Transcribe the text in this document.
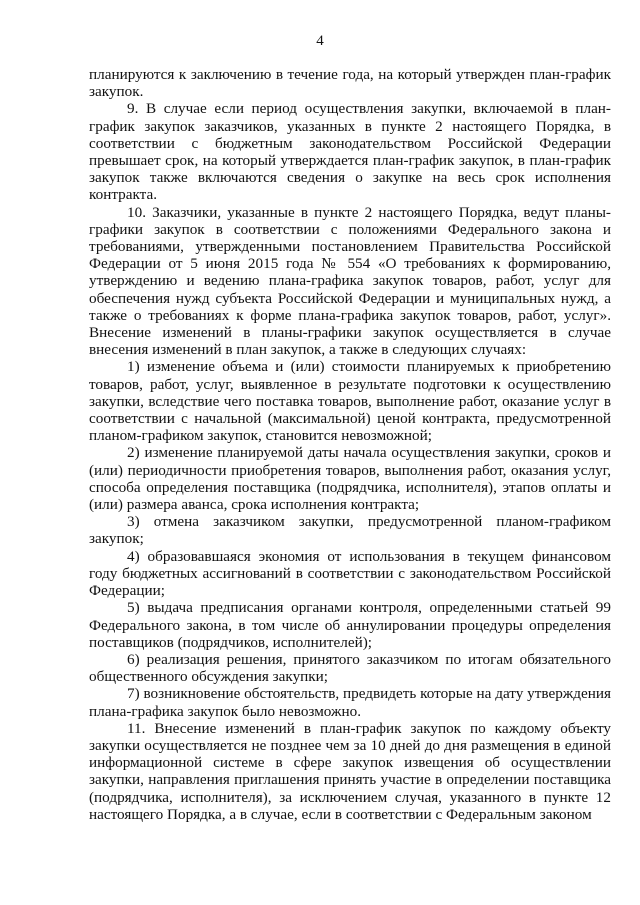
4

планируются к заключению в течение года, на который утвержден план-график закупок.

9. В случае если период осуществления закупки, включаемой в план-график закупок заказчиков, указанных в пункте 2 настоящего Порядка, в соответствии с бюджетным законодательством Российской Федерации превышает срок, на который утверждается план-график закупок, в план-график закупок также включаются сведения о закупке на весь срок исполнения контракта.

10. Заказчики, указанные в пункте 2 настоящего Порядка, ведут планы-графики закупок в соответствии с положениями Федерального закона и требованиями, утвержденными постановлением Правительства Российской Федерации от 5 июня 2015 года № 554 «О требованиях к формированию, утверждению и ведению плана-графика закупок товаров, работ, услуг для обеспечения нужд субъекта Российской Федерации и муниципальных нужд, а также о требованиях к форме плана-графика закупок товаров, работ, услуг». Внесение изменений в планы-графики закупок осуществляется в случае внесения изменений в план закупок, а также в следующих случаях:

1) изменение объема и (или) стоимости планируемых к приобретению товаров, работ, услуг, выявленное в результате подготовки к осуществлению закупки, вследствие чего поставка товаров, выполнение работ, оказание услуг в соответствии с начальной (максимальной) ценой контракта, предусмотренной планом-графиком закупок, становится невозможной;

2) изменение планируемой даты начала осуществления закупки, сроков и (или) периодичности приобретения товаров, выполнения работ, оказания услуг, способа определения поставщика (подрядчика, исполнителя), этапов оплаты и (или) размера аванса, срока исполнения контракта;

3) отмена заказчиком закупки, предусмотренной планом-графиком закупок;

4) образовавшаяся экономия от использования в текущем финансовом году бюджетных ассигнований в соответствии с законодательством Российской Федерации;

5) выдача предписания органами контроля, определенными статьей 99 Федерального закона, в том числе об аннулировании процедуры определения поставщиков (подрядчиков, исполнителей);

6) реализация решения, принятого заказчиком по итогам обязательного общественного обсуждения закупки;

7) возникновение обстоятельств, предвидеть которые на дату утверждения плана-графика закупок было невозможно.

11. Внесение изменений в план-график закупок по каждому объекту закупки осуществляется не позднее чем за 10 дней до дня размещения в единой информационной системе в сфере закупок извещения об осуществлении закупки, направления приглашения принять участие в определении поставщика (подрядчика, исполнителя), за исключением случая, указанного в пункте 12 настоящего Порядка, а в случае, если в соответствии с Федеральным законом
